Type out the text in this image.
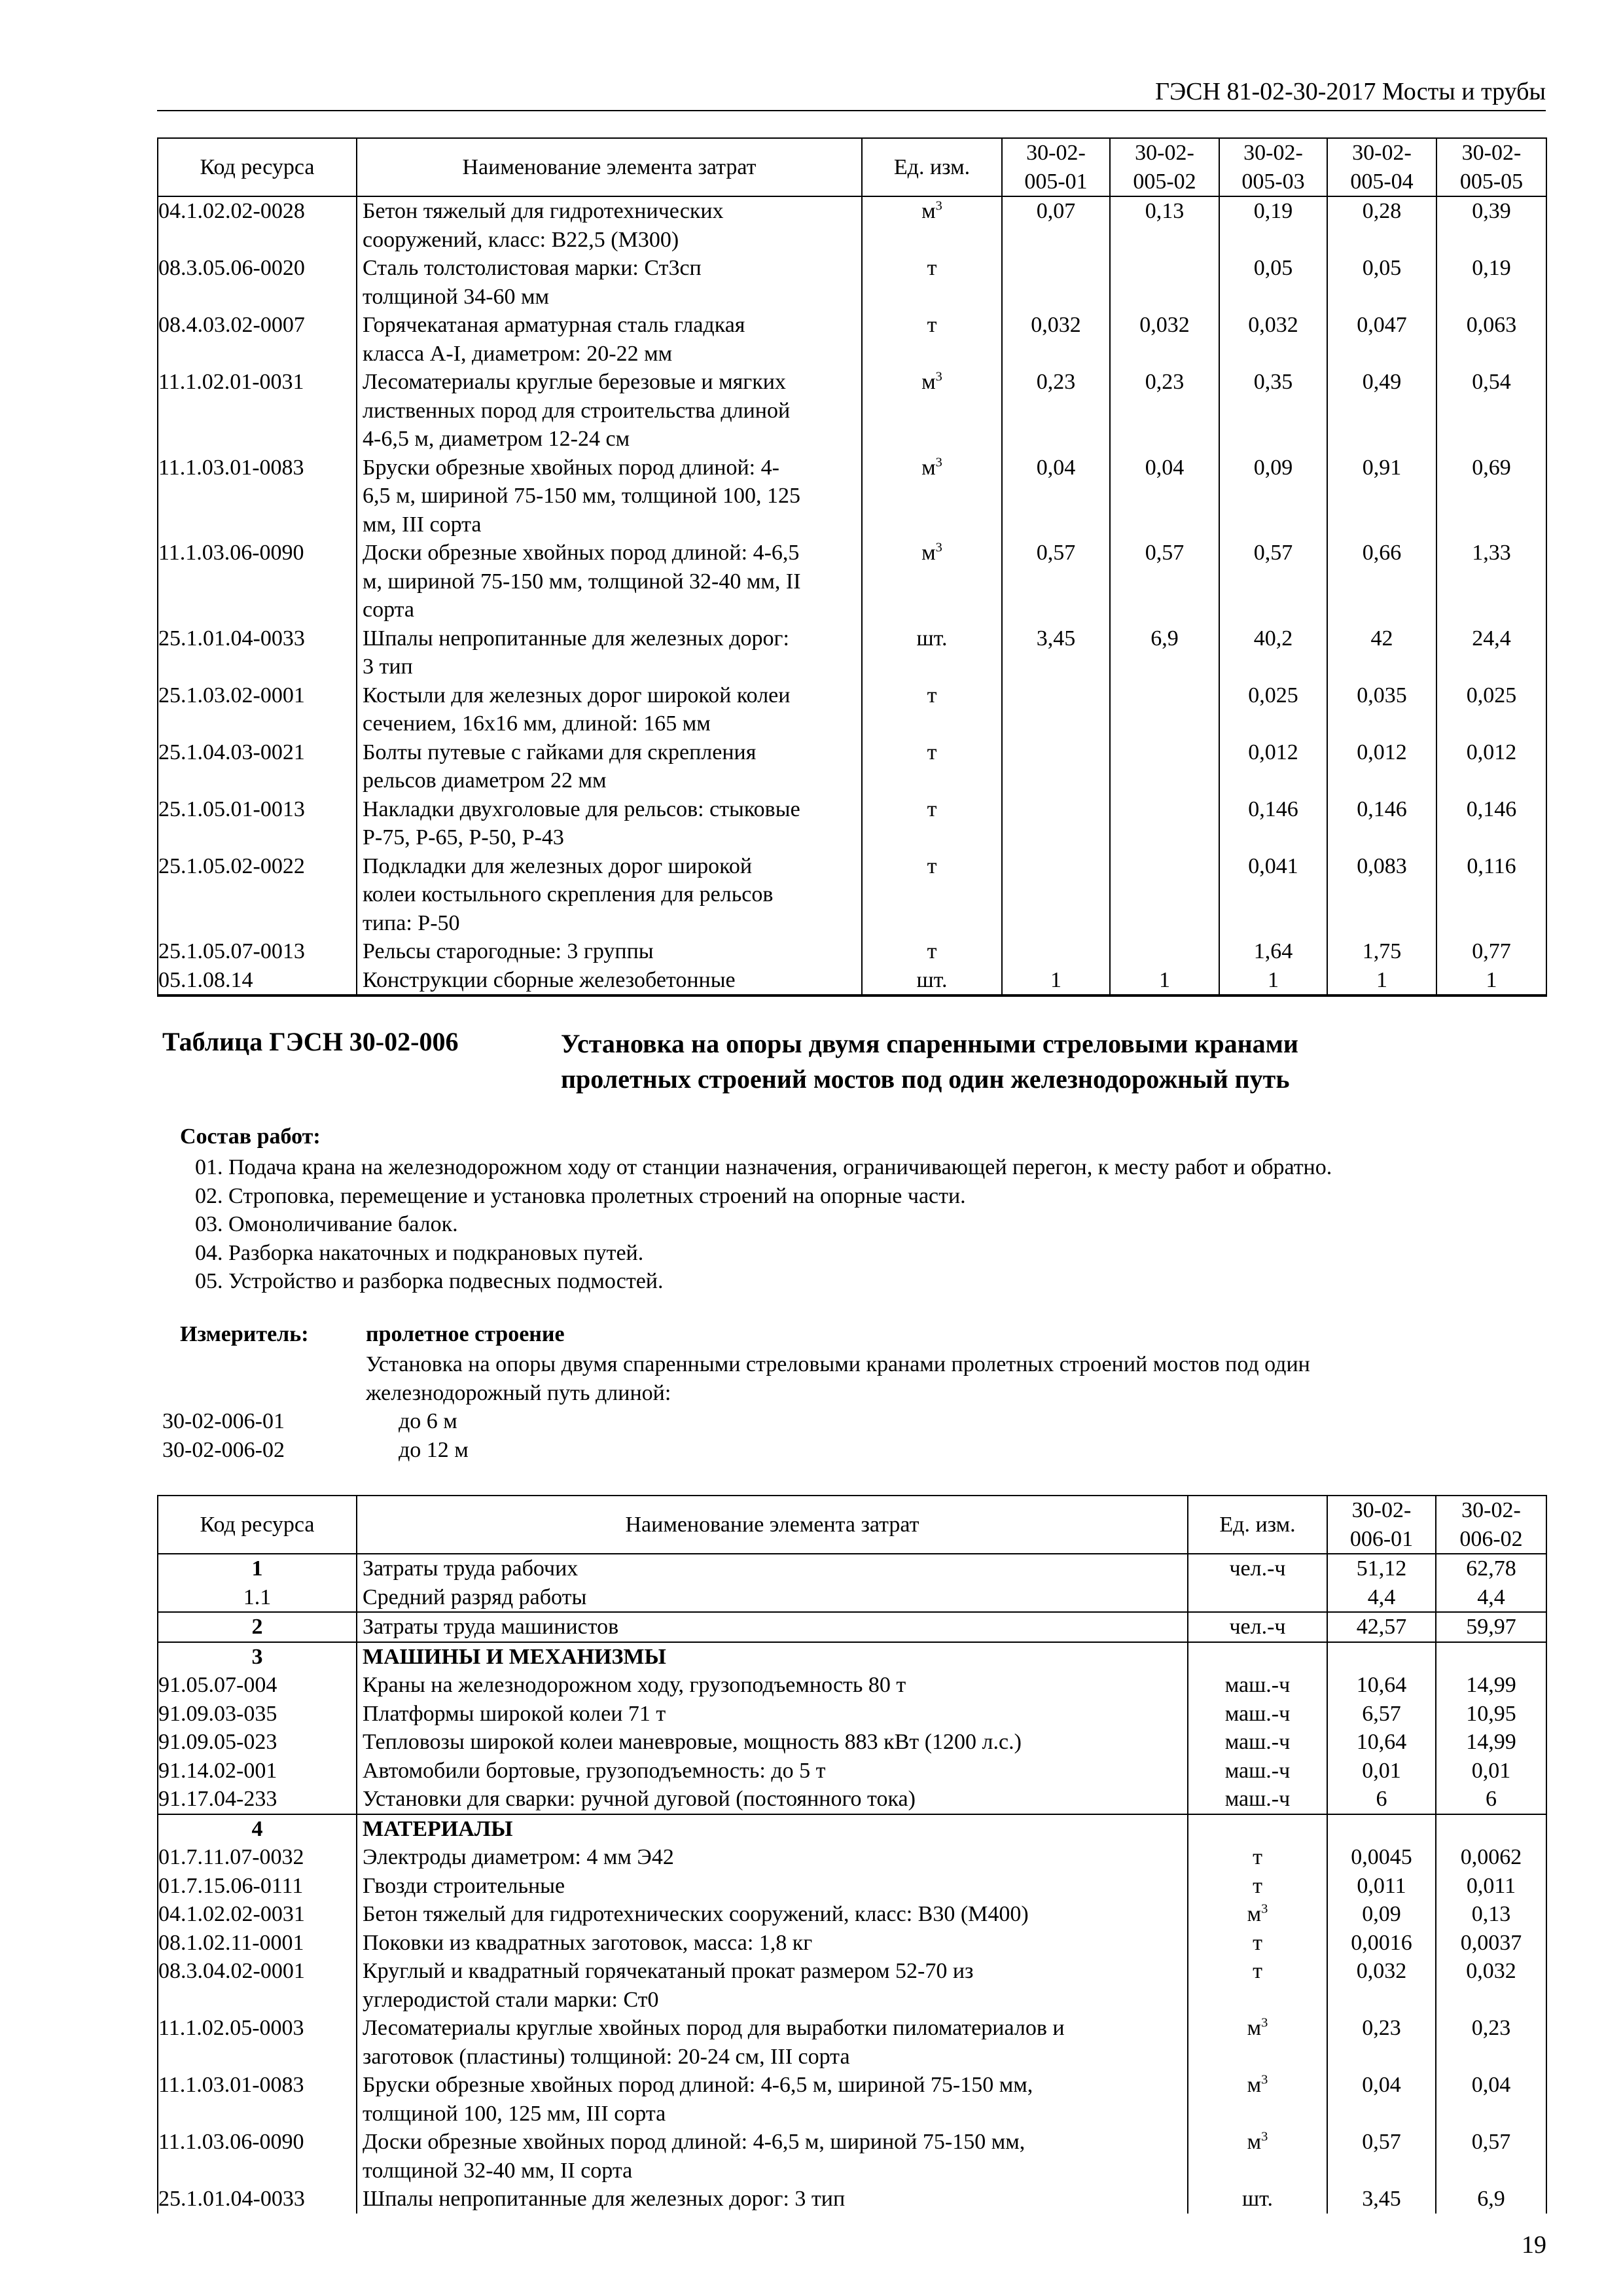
ГЭСН 81-02-30-2017 Мосты и трубы
Код ресурса	Наименование элемента затрат	Ед. изм.	30-02-
005-01	30-02-
005-02	30-02-
005-03	30-02-
005-04	30-02-
005-05
04.1.02.02-0028	Бетон тяжелый для гидротехнических
сооружений, класс: В22,5 (М300)	$м^3$	0,07	0,13	0,19	0,28	0,39
08.3.05.06-0020	Сталь толстолистовая марки: Ст3сп
толщиной 34-60 мм	т			0,05	0,05	0,19
08.4.03.02-0007	Горячекатаная арматурная сталь гладкая
класса A-I, диаметром: 20-22 мм	т	0,032	0,032	0,032	0,047	0,063
11.1.02.01-0031	Лесоматериалы круглые березовые и мягких
лиственных пород для строительства длиной
4-6,5 м, диаметром 12-24 см	$м^3$	0,23	0,23	0,35	0,49	0,54
11.1.03.01-0083	Бруски обрезные хвойных пород длиной: 4-
6,5 м, шириной 75-150 мм, толщиной 100, 125
мм, III сорта	$м^3$	0,04	0,04	0,09	0,91	0,69
11.1.03.06-0090	Доски обрезные хвойных пород длиной: 4-6,5
м, шириной 75-150 мм, толщиной 32-40 мм, II
сорта	$м^3$	0,57	0,57	0,57	0,66	1,33
25.1.01.04-0033	Шпалы непропитанные для железных дорог:
3 тип	шт.	3,45	6,9	40,2	42	24,4
25.1.03.02-0001	Костыли для железных дорог широкой колеи
сечением, 16х16 мм, длиной: 165 мм	т			0,025	0,035	0,025
25.1.04.03-0021	Болты путевые с гайками для скрепления
рельсов диаметром 22 мм	т			0,012	0,012	0,012
25.1.05.01-0013	Накладки двухголовые для рельсов: стыковые
Р-75, Р-65, Р-50, Р-43	т			0,146	0,146	0,146
25.1.05.02-0022	Подкладки для железных дорог широкой
колеи костыльного скрепления для рельсов
типа: Р-50	т			0,041	0,083	0,116
25.1.05.07-0013	Рельсы старогодные: 3 группы	т			1,64	1,75	0,77
05.1.08.14	Конструкции сборные железобетонные	шт.	1	1	1	1	1
Таблица ГЭСН 30-02-006	Установка на опоры двумя спаренными стреловыми кранами
пролетных строений мостов под один железнодорожный путь
Состав работ:
01. Подача крана на железнодорожном ходу от станции назначения, ограничивающей перегон, к месту работ и обратно.
02. Строповка, перемещение и установка пролетных строений на опорные части.
03. Омоноличивание балок.
04. Разборка накаточных и подкрановых путей.
05. Устройство и разборка подвесных подмостей.
Измеритель:	пролетное строение
Установка на опоры двумя спаренными стреловыми кранами пролетных строений мостов под один
железнодорожный путь длиной:
30-02-006-01	до 6 м
30-02-006-02	до 12 м
Код ресурса	Наименование элемента затрат	Ед. изм.	30-02-
006-01	30-02-
006-02
1	Затраты труда рабочих	чел.-ч	51,12	62,78
1.1	Средний разряд работы		4,4	4,4
2	Затраты труда машинистов	чел.-ч	42,57	59,97
3	МАШИНЫ И МЕХАНИЗМЫ			
91.05.07-004	Краны на железнодорожном ходу, грузоподъемность 80 т	маш.-ч	10,64	14,99
91.09.03-035	Платформы широкой колеи 71 т	маш.-ч	6,57	10,95
91.09.05-023	Тепловозы широкой колеи маневровые, мощность 883 кВт (1200 л.с.)	маш.-ч	10,64	14,99
91.14.02-001	Автомобили бортовые, грузоподъемность: до 5 т	маш.-ч	0,01	0,01
91.17.04-233	Установки для сварки: ручной дуговой (постоянного тока)	маш.-ч	6	6
4	МАТЕРИАЛЫ			
01.7.11.07-0032	Электроды диаметром: 4 мм Э42	т	0,0045	0,0062
01.7.15.06-0111	Гвозди строительные	т	0,011	0,011
04.1.02.02-0031	Бетон тяжелый для гидротехнических сооружений, класс: В30 (М400)	$м^3$	0,09	0,13
08.1.02.11-0001	Поковки из квадратных заготовок, масса: 1,8 кг	т	0,0016	0,0037
08.3.04.02-0001	Круглый и квадратный горячекатаный прокат размером 52-70 из
углеродистой стали марки: Ст0	т	0,032	0,032
11.1.02.05-0003	Лесоматериалы круглые хвойных пород для выработки пиломатериалов и
заготовок (пластины) толщиной: 20-24 см, III сорта	$м^3$	0,23	0,23
11.1.03.01-0083	Бруски обрезные хвойных пород длиной: 4-6,5 м, шириной 75-150 мм,
толщиной 100, 125 мм, III сорта	$м^3$	0,04	0,04
11.1.03.06-0090	Доски обрезные хвойных пород длиной: 4-6,5 м, шириной 75-150 мм,
толщиной 32-40 мм, II сорта	$м^3$	0,57	0,57
25.1.01.04-0033	Шпалы непропитанные для железных дорог: 3 тип	шт.	3,45	6,9
19
